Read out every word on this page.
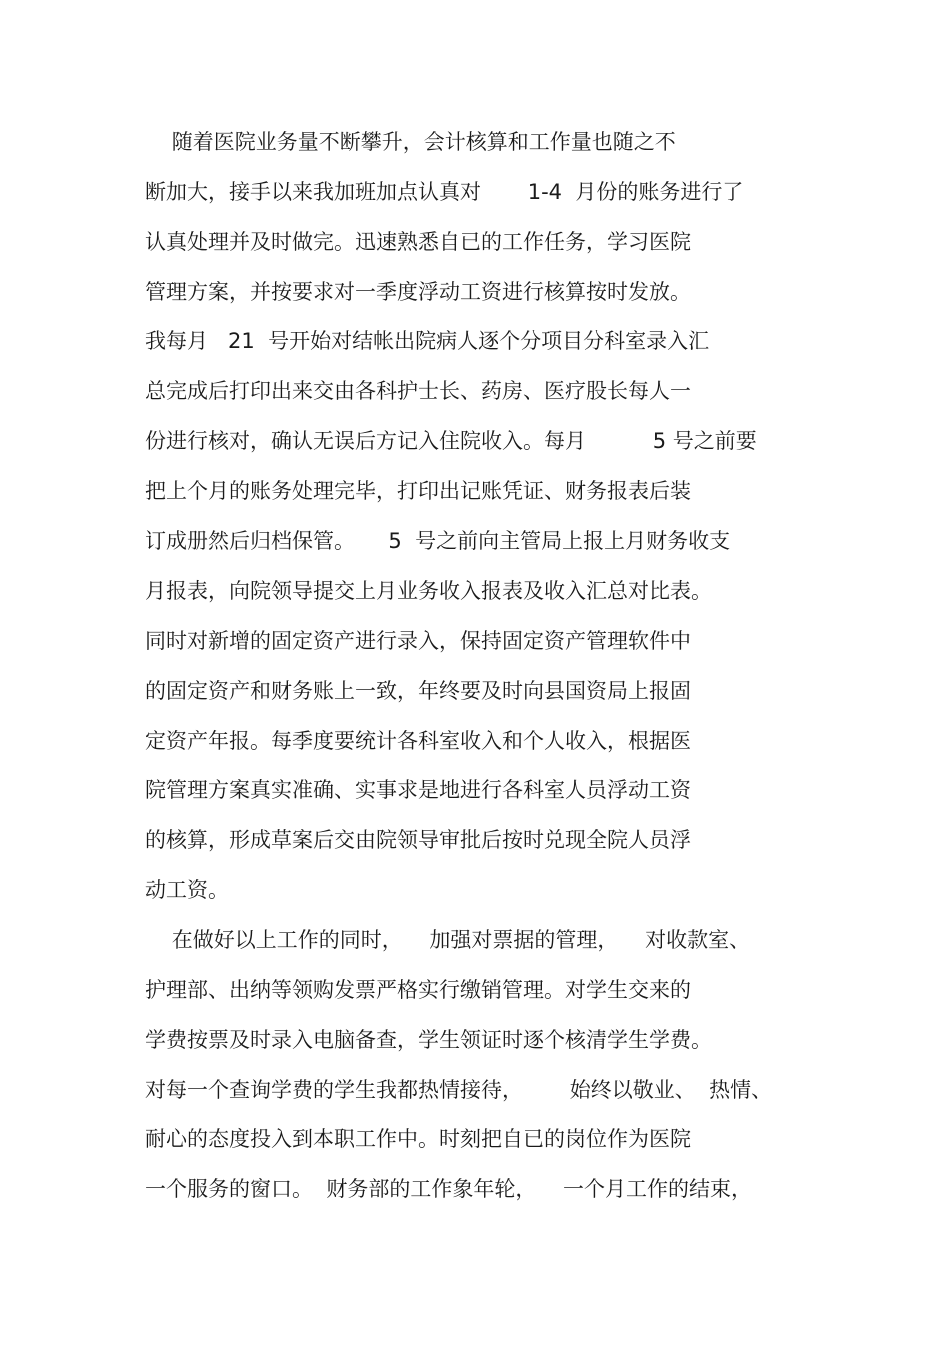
随着医院业务量不断攀升，会计核算和工作量也随之不
断加大，接手以来我加班加点认真对       1-4  月份的账务进行了
认真处理并及时做完。迅速熟悉自已的工作任务，学习医院
管理方案，并按要求对一季度浮动工资进行核算按时发放。
我每月   21  号开始对结帐出院病人逐个分项目分科室录入汇
总完成后打印出来交由各科护士长、药房、医疗股长每人一
份进行核对，确认无误后方记入住院收入。每月          5 号之前要
把上个月的账务处理完毕，打印出记账凭证、财务报表后装
订成册然后归档保管。     5  号之前向主管局上报上月财务收支
月报表，向院领导提交上月业务收入报表及收入汇总对比表。
同时对新增的固定资产进行录入，保持固定资产管理软件中
的固定资产和财务账上一致，年终要及时向县国资局上报固
定资产年报。每季度要统计各科室收入和个人收入，根据医
院管理方案真实准确、实事求是地进行各科室人员浮动工资
的核算，形成草案后交由院领导审批后按时兑现全院人员浮
动工资。
在做好以上工作的同时，    加强对票据的管理，    对收款室、
护理部、出纳等领购发票严格实行缴销管理。对学生交来的
学费按票及时录入电脑备查，学生领证时逐个核清学生学费。
对每一个查询学费的学生我都热情接待，       始终以敬业、  热情、
耐心的态度投入到本职工作中。时刻把自已的岗位作为医院
一个服务的窗口。  财务部的工作象年轮，    一个月工作的结束，
